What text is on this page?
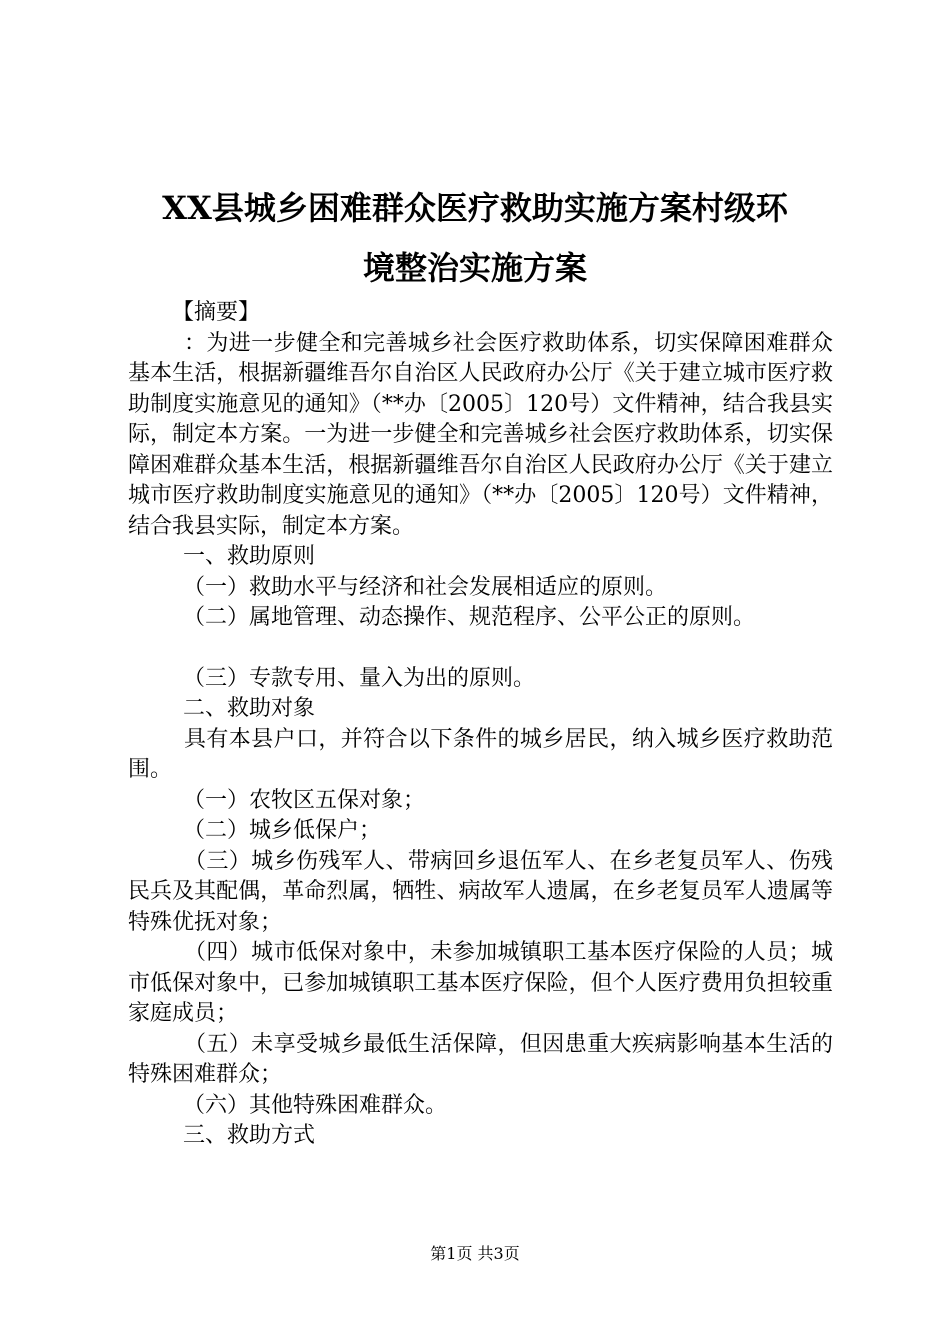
XX县城乡困难群众医疗救助实施方案村级环
境整治实施方案

【摘要】

：为进一步健全和完善城乡社会医疗救助体系，切实保障困难群众基本生活，根据新疆维吾尔自治区人民政府办公厅《关于建立城市医疗救助制度实施意见的通知》（**办〔2005〕120号）文件精神，结合我县实际，制定本方案。一为进一步健全和完善城乡社会医疗救助体系，切实保障困难群众基本生活，根据新疆维吾尔自治区人民政府办公厅《关于建立城市医疗救助制度实施意见的通知》（**办〔2005〕120号）文件精神，结合我县实际，制定本方案。

一、救助原则

（一）救助水平与经济和社会发展相适应的原则。

（二）属地管理、动态操作、规范程序、公平公正的原则。

（三）专款专用、量入为出的原则。

二、救助对象

具有本县户口，并符合以下条件的城乡居民，纳入城乡医疗救助范围。

（一）农牧区五保对象；

（二）城乡低保户；

（三）城乡伤残军人、带病回乡退伍军人、在乡老复员军人、伤残民兵及其配偶，革命烈属，牺牲、病故军人遗属，在乡老复员军人遗属等特殊优抚对象；

（四）城市低保对象中，未参加城镇职工基本医疗保险的人员；城市低保对象中，已参加城镇职工基本医疗保险，但个人医疗费用负担较重家庭成员；

（五）未享受城乡最低生活保障，但因患重大疾病影响基本生活的特殊困难群众；

（六）其他特殊困难群众。

三、救助方式

第1页 共3页
